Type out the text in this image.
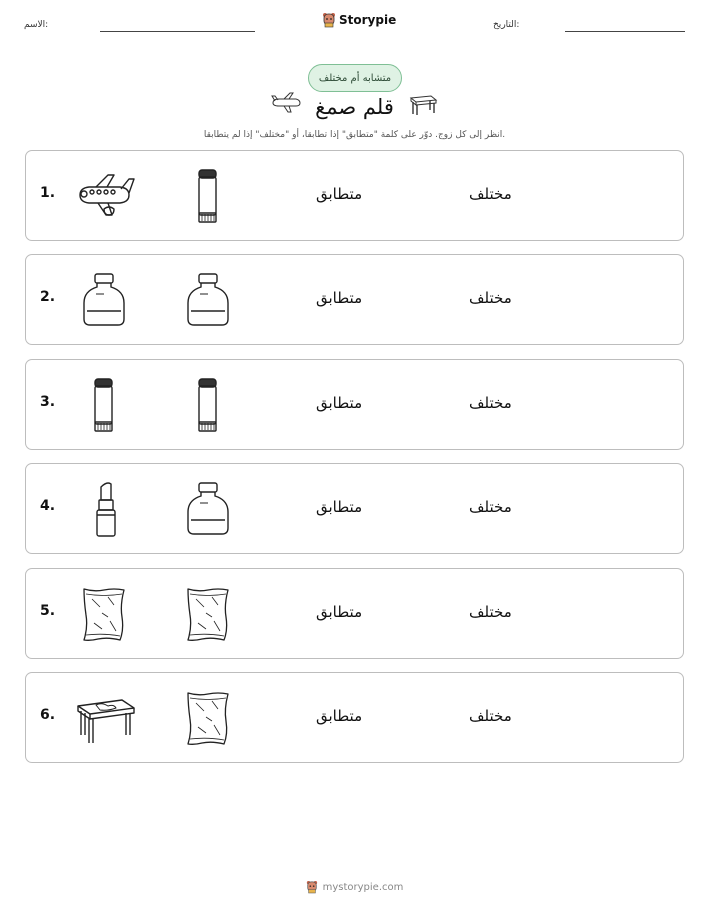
الاسم:	Storypie	التاريخ:
متشابه أم مختلف
قلم صمغ
انظر إلى كل زوج. دوّر على كلمة "متطابق" إذا تطابقا، أو "مختلف" إذا لم يتطابقا.
1.	متطابق	مختلف
2.	متطابق	مختلف
3.	متطابق	مختلف
4.	متطابق	مختلف
5.	متطابق	مختلف
6.	متطابق	مختلف
mystorypie.com
